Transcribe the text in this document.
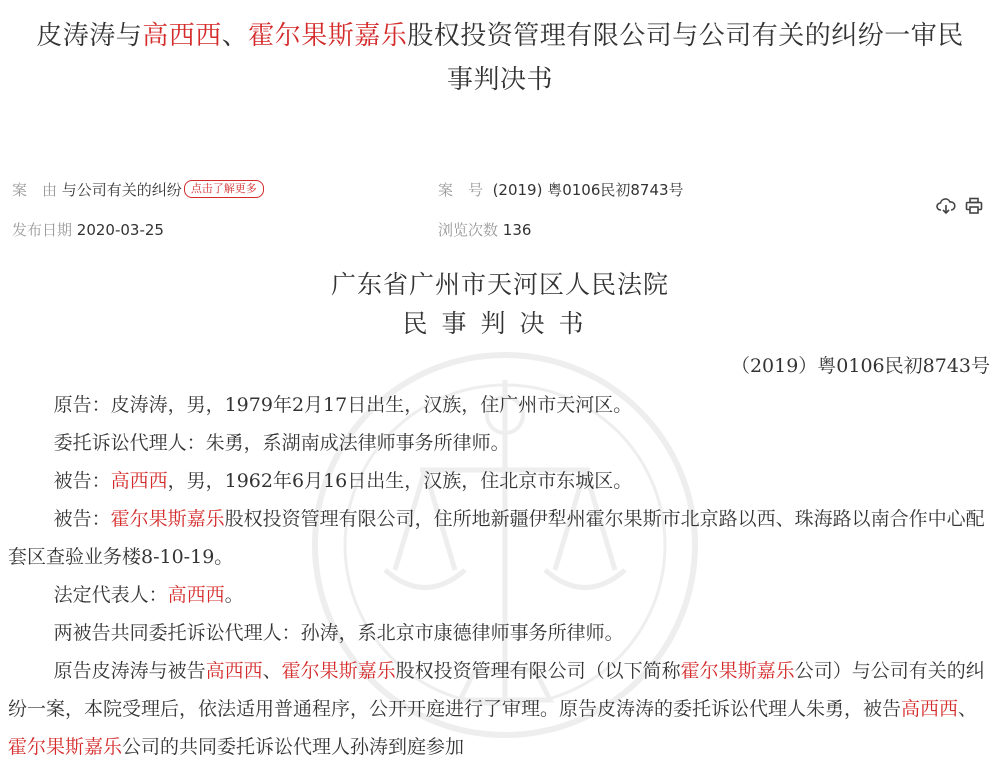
皮涛涛与高西西、霍尔果斯嘉乐股权投资管理有限公司与公司有关的纠纷一审民
事判决书
案　由 与公司有关的纠纷 点击了解更多	案　号 (2019) 粤0106民初8743号
发布日期 2020-03-25	浏览次数 136
广东省广州市天河区人民法院
民事判决书
（2019）粤0106民初8743号

原告：皮涛涛，男，1979年2月17日出生，汉族，住广州市天河区。

委托诉讼代理人：朱勇，系湖南成法律师事务所律师。

被告：高西西，男，1962年6月16日出生，汉族，住北京市东城区。

被告：霍尔果斯嘉乐股权投资管理有限公司，住所地新疆伊犁州霍尔果斯市北京路以西、珠海路以南合作中心配套区查验业务楼8-10-19。

法定代表人：高西西。

两被告共同委托诉讼代理人：孙涛，系北京市康德律师事务所律师。

原告皮涛涛与被告高西西、霍尔果斯嘉乐股权投资管理有限公司（以下简称霍尔果斯嘉乐公司）与公司有关的纠纷一案，本院受理后，依法适用普通程序，公开开庭进行了审理。原告皮涛涛的委托诉讼代理人朱勇，被告高西西、霍尔果斯嘉乐公司的共同委托诉讼代理人孙涛到庭参加
